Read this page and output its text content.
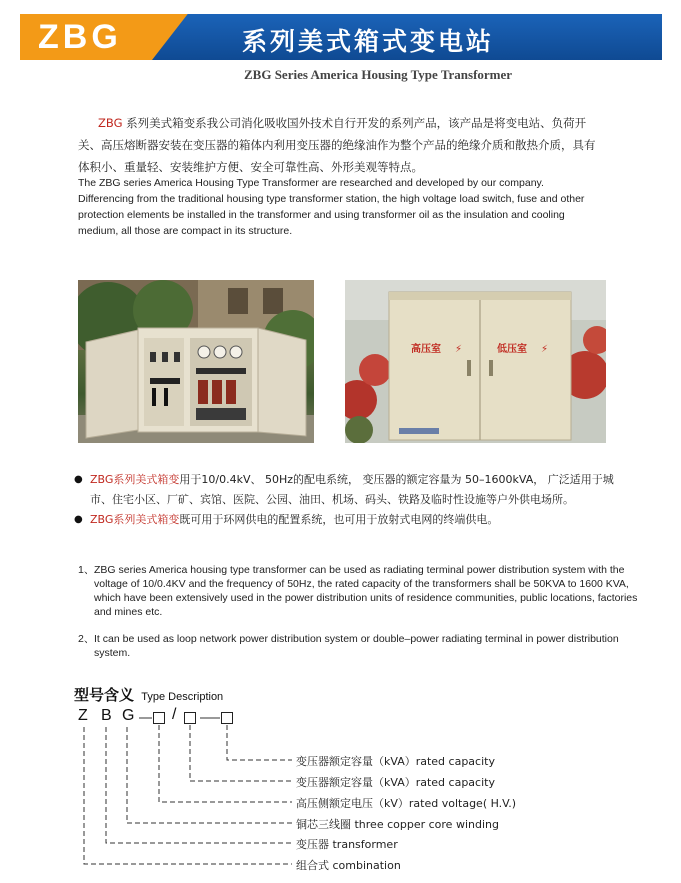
ZBG	系列美式箱式变电站
ZBG Series America Housing Type Transformer
ZBG 系列美式箱变系我公司消化吸收国外技术自行开发的系列产品，该产品是将变电站、负荷开关、高压熔断器安装在变压器的箱体内利用变压器的绝缘油作为整个产品的绝缘介质和散热介质，具有体积小、重量轻、安装维护方便、安全可靠性高、外形美观等特点。
The ZBG series America Housing Type Transformer are researched and developed by our company. Differencing from the traditional housing type transformer station, the high voltage load switch, fuse and other protection elements be installed in the transformer and using transformer oil as the insulation and cooling medium, all those are compact in its structure.
高压室 ⚡	低压室 ⚡
● ZBG系列美式箱变用于10/0.4kV、 50Hz的配电系统， 变压器的额定容量为 50–1600kVA， 广泛适用于城市、住宅小区、厂矿、宾馆、医院、公园、油田、机场、码头、铁路及临时性设施等户外供电场所。
● ZBG系列美式箱变既可用于环网供电的配置系统，也可用于放射式电网的终端供电。
1、 ZBG series America housing type transformer can be used as radiating terminal power distribution system with the voltage of 10/0.4KV and the frequency of 50Hz, the rated capacity of the transformers shall be 50KVA to 1600 KVA, which have been extensively used in the power distribution units of residence communities, public locations, factories and mines etc.
2、 It can be used as loop network power distribution system or double–power radiating terminal in power distribution system.
型号含义 Type Description
Z B G /
变压器额定容量（kVA）rated capacity
变压器额定容量（kVA）rated capacity
高压侧额定电压（kV）rated voltage( H.V.)
铜芯三线圈 three copper core winding
变压器 transformer
组合式 combination
